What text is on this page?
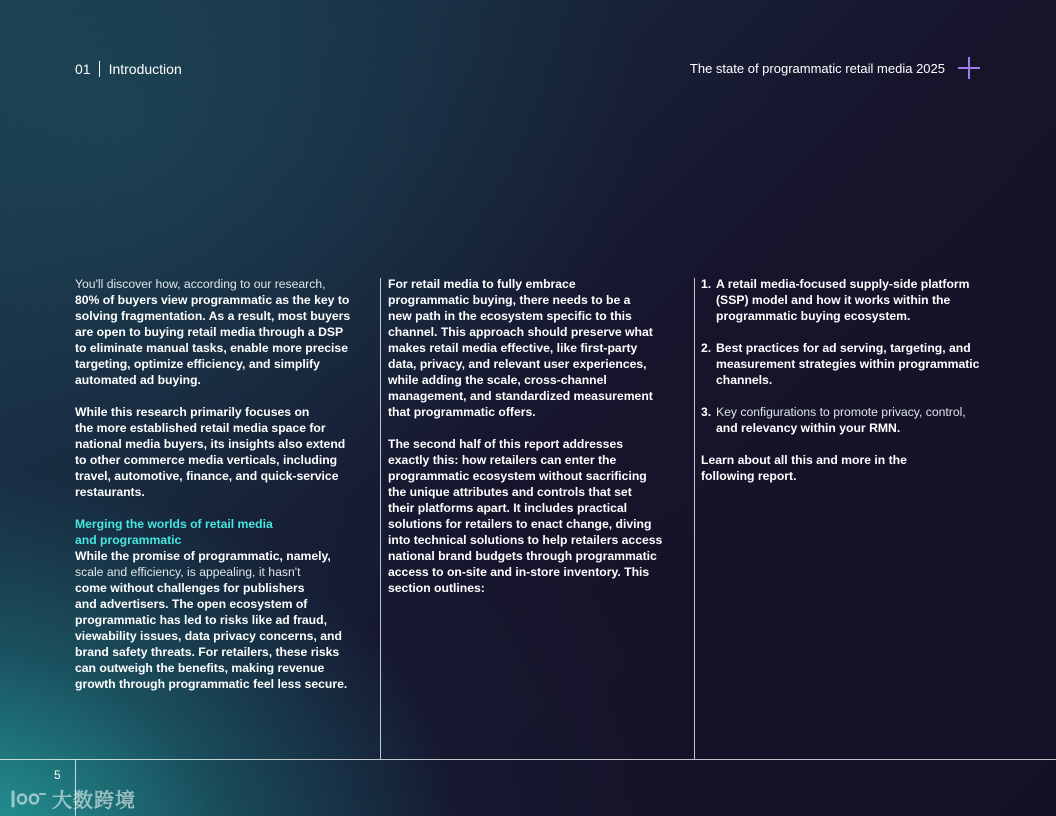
01 Introduction	The state of programmatic retail media 2025

You'll discover how, according to our research,
80% of buyers view programmatic as the key to
solving fragmentation. As a result, most buyers
are open to buying retail media through a DSP
to eliminate manual tasks, enable more precise
targeting, optimize efficiency, and simplify
automated ad buying.

While this research primarily focuses on
the more established retail media space for
national media buyers, its insights also extend
to other commerce media verticals, including
travel, automotive, finance, and quick-service
restaurants.

Merging the worlds of retail media
and programmatic

While the promise of programmatic, namely,
scale and efficiency, is appealing, it hasn't
come without challenges for publishers
and advertisers. The open ecosystem of
programmatic has led to risks like ad fraud,
viewability issues, data privacy concerns, and
brand safety threats. For retailers, these risks
can outweigh the benefits, making revenue
growth through programmatic feel less secure.

For retail media to fully embrace
programmatic buying, there needs to be a
new path in the ecosystem specific to this
channel. This approach should preserve what
makes retail media effective, like first-party
data, privacy, and relevant user experiences,
while adding the scale, cross-channel
management, and standardized measurement
that programmatic offers.

The second half of this report addresses
exactly this: how retailers can enter the
programmatic ecosystem without sacrificing
the unique attributes and controls that set
their platforms apart. It includes practical
solutions for retailers to enact change, diving
into technical solutions to help retailers access
national brand budgets through programmatic
access to on-site and in-store inventory. This
section outlines:

1. A retail media-focused supply-side platform
(SSP) model and how it works within the
programmatic buying ecosystem.
2. Best practices for ad serving, targeting, and
measurement strategies within programmatic
channels.
3. Key configurations to promote privacy, control,
and relevancy within your RMN.

Learn about all this and more in the
following report.

5
大数跨境
